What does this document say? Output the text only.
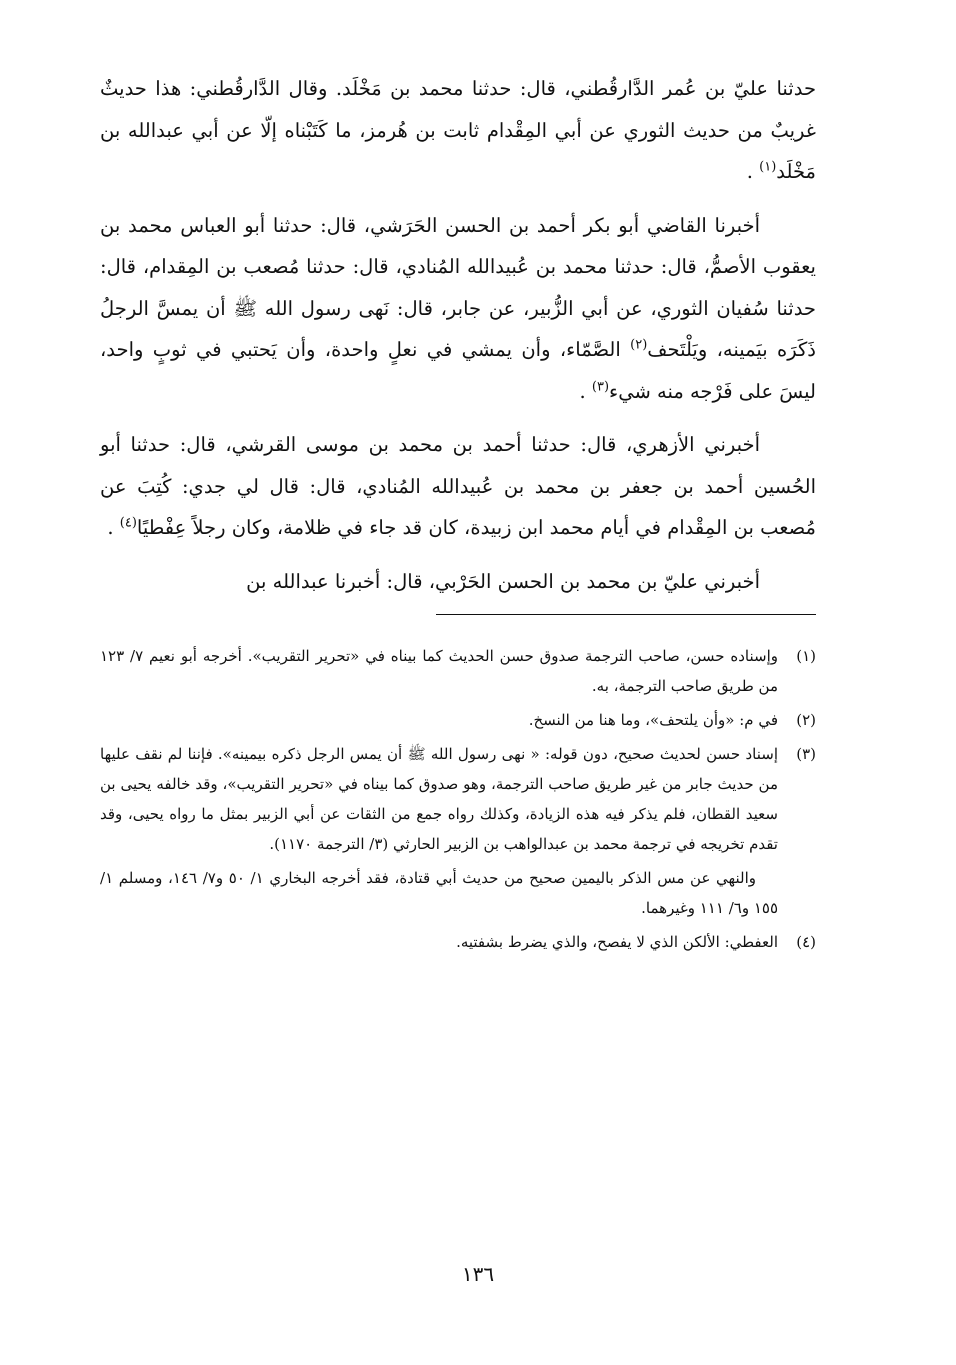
حدثنا عليّ بن عُمر الدَّارقُطني، قال: حدثنا محمد بن مَخْلَد. وقال الدَّارقُطني: هذا حديثٌ غريبٌ من حديث الثوري عن أبي المِقْدام ثابت بن هُرمز، ما كَتَبْناه إلّا عن أبي عبدالله بن مَخْلَد$^{(١)}$ .

أخبرنا القاضي أبو بكر أحمد بن الحسن الحَرَشي، قال: حدثنا أبو العباس محمد بن يعقوب الأصمُّ، قال: حدثنا محمد بن عُبيدالله المُنادي، قال: حدثنا مُصعب بن المِقدام، قال: حدثنا سُفيان الثوري، عن أبي الزُّبير، عن جابر، قال: نَهى رسول الله ﷺ أن يمسَّ الرجلُ ذَكَرَه بيَمينه، ويَلْتَحف$^{(٢)}$ الصَّمّاء، وأن يمشي في نعلٍ واحدة، وأن يَحتبي في ثوبٍ واحد، ليسَ على فَرْجه منه شيء$^{(٣)}$ .

أخبرني الأزهري، قال: حدثنا أحمد بن محمد بن موسى القرشي، قال: حدثنا أبو الحُسين أحمد بن جعفر بن محمد بن عُبيدالله المُنادي، قال: قال لي جدي: كُتِبَ عن مُصعب بن المِقْدام في أيام محمد ابن زبيدة، كان قد جاء في ظلامة، وكان رجلاً عِفْطيًا$^{(٤)}$ .

أخبرني عليّ بن محمد بن الحسن الحَرْبي، قال: أخبرنا عبدالله بن

(١)

وإسناده حسن، صاحب الترجمة صدوق حسن الحديث كما بيناه في «تحرير التقريب». أخرجه أبو نعيم ٧/ ١٢٣ من طريق صاحب الترجمة، به.

(٢)

في م: «وأن يلتحف»، وما هنا من النسخ.

(٣)

إسناد حسن لحديث صحيح، دون قوله: « نهى رسول الله ﷺ أن يمس الرجل ذكره بيمينه». فإننا لم نقف عليها من حديث جابر من غير طريق صاحب الترجمة، وهو صدوق كما بيناه في «تحرير التقريب»، وقد خالفه يحيى بن سعيد القطان، فلم يذكر فيه هذه الزيادة، وكذلك رواه جمع من الثقات عن أبي الزبير بمثل ما رواه يحيى، وقد تقدم تخريجه في ترجمة محمد بن عبدالواهب بن الزبير الحارثي (٣/ الترجمة ١١٧٠).

والنهي عن مس الذكر باليمين صحيح من حديث أبي قتادة، فقد أخرجه البخاري ١/ ٥٠ و٧/ ١٤٦، ومسلم ١/ ١٥٥ و٦/ ١١١ وغيرهما.

(٤)

العفطي: الألكن الذي لا يفصح، والذي يضرط بشفتيه.

١٣٦
